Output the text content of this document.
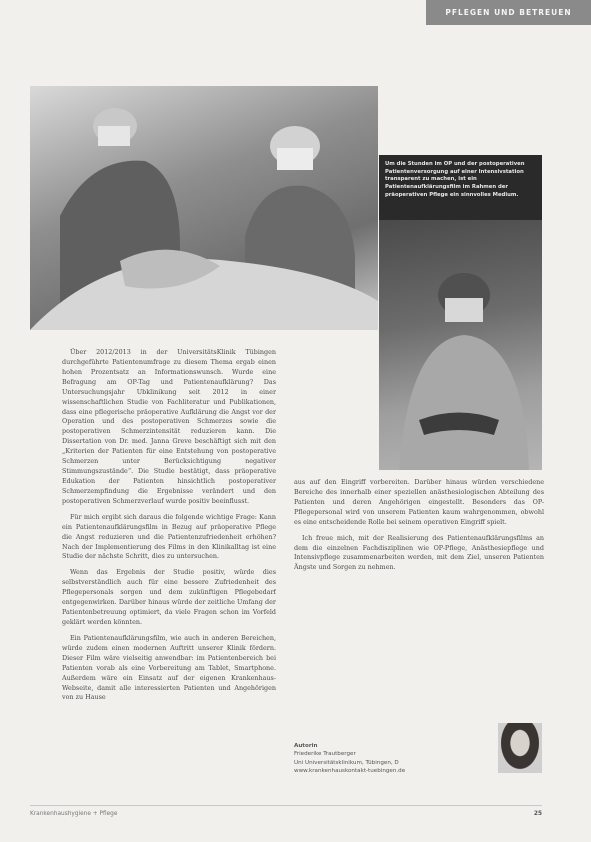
PFLEGEN UND BETREUEN
Um die Stunden im OP und der postoperativen Patientenversorgung auf einer Intensivstation transparent zu machen, ist ein Patientenaufklärungsfilm im Rahmen der präoperativen Pflege ein sinnvolles Medium.

Über 2012/2013 in der UniversitätsKlinik Tübingen durchgeführte Patientenumfrage zu diesem Thema ergab einen hohen Prozentsatz an Informationswunsch. Wurde eine Befragung am OP-Tag und Patientenaufklärung? Das Untersuchungsjahr Ubklinikung seit 2012 in einer wissenschaftlichen Studie von Fachliteratur und Publikationen, dass eine pflegerische präoperative Aufklärung die Angst vor der Operation und des postoperativen Schmerzes sowie die postoperativen Schmerzintensität reduzieren kann. Die Dissertation von Dr. med. Janna Greve beschäftigt sich mit den „Kriterien der Patienten für eine Entstehung von postoperative Schmerzen unter Berücksichtigung negativer Stimmungszustände“. Die Studie bestätigt, dass präoperative Edukation der Patienten hinsichtlich postoperativer Schmerzempfindung die Ergebnisse verändert und den postoperativen Schmerzverlauf wurde positiv beeinflusst.

Für mich ergibt sich daraus die folgende wichtige Frage: Kann ein Patientenaufklärungsfilm in Bezug auf präoperative Pflege die Angst reduzieren und die Patientenzufriedenheit erhöhen? Nach der Implementierung des Films in den Klinikalltag ist eine Studie der nächste Schritt, dies zu untersuchen.

Wenn das Ergebnis der Studie positiv, würde dies selbstverständlich auch für eine bessere Zufriedenheit des Pflegepersonals sorgen und dem zukünftigen Pflegebedarf entgegenwirken. Darüber hinaus würde der zeitliche Umfang der Patientenbetreuung optimiert, da viele Fragen schon im Vorfeld geklärt werden könnten.

Ein Patientenaufklärungsfilm, wie auch in anderen Bereichen, würde zudem einen modernen Auftritt unserer Klinik fördern. Dieser Film wäre vielseitig anwendbar: im Patientenbereich bei Patienten vorab als eine Vorbereitung am Tablet, Smartphone. Außerdem wäre ein Einsatz auf der eigenen Krankenhaus-Webseite, damit alle interessierten Patienten und Angehörigen von zu Hause

aus auf den Eingriff vorbereiten. Darüber hinaus würden verschiedene Bereiche des innerhalb einer speziellen anästhesiologischen Abteilung des Patienten und deren Angehörigen eingestellt. Besonders das OP-Pflegepersonal wird von unserem Patienten kaum wahrgenommen, obwohl es eine entscheidende Rolle bei seinem operativen Eingriff spielt.

Ich freue mich, mit der Realisierung des Patientenaufklärungsfilms an dem die einzelnen Fachdisziplinen wie OP-Pflege, Anästhesiepflege und Intensivpflege zusammenarbeiten werden, mit dem Ziel, unseren Patienten Ängste und Sorgen zu nehmen.

Autorin
Friederike Trautberger
Uni Universitätsklinikum, Tübingen, D
www.krankenhauskontakt-tuebingen.de
Krankenhaushygiene + Pflege	25
